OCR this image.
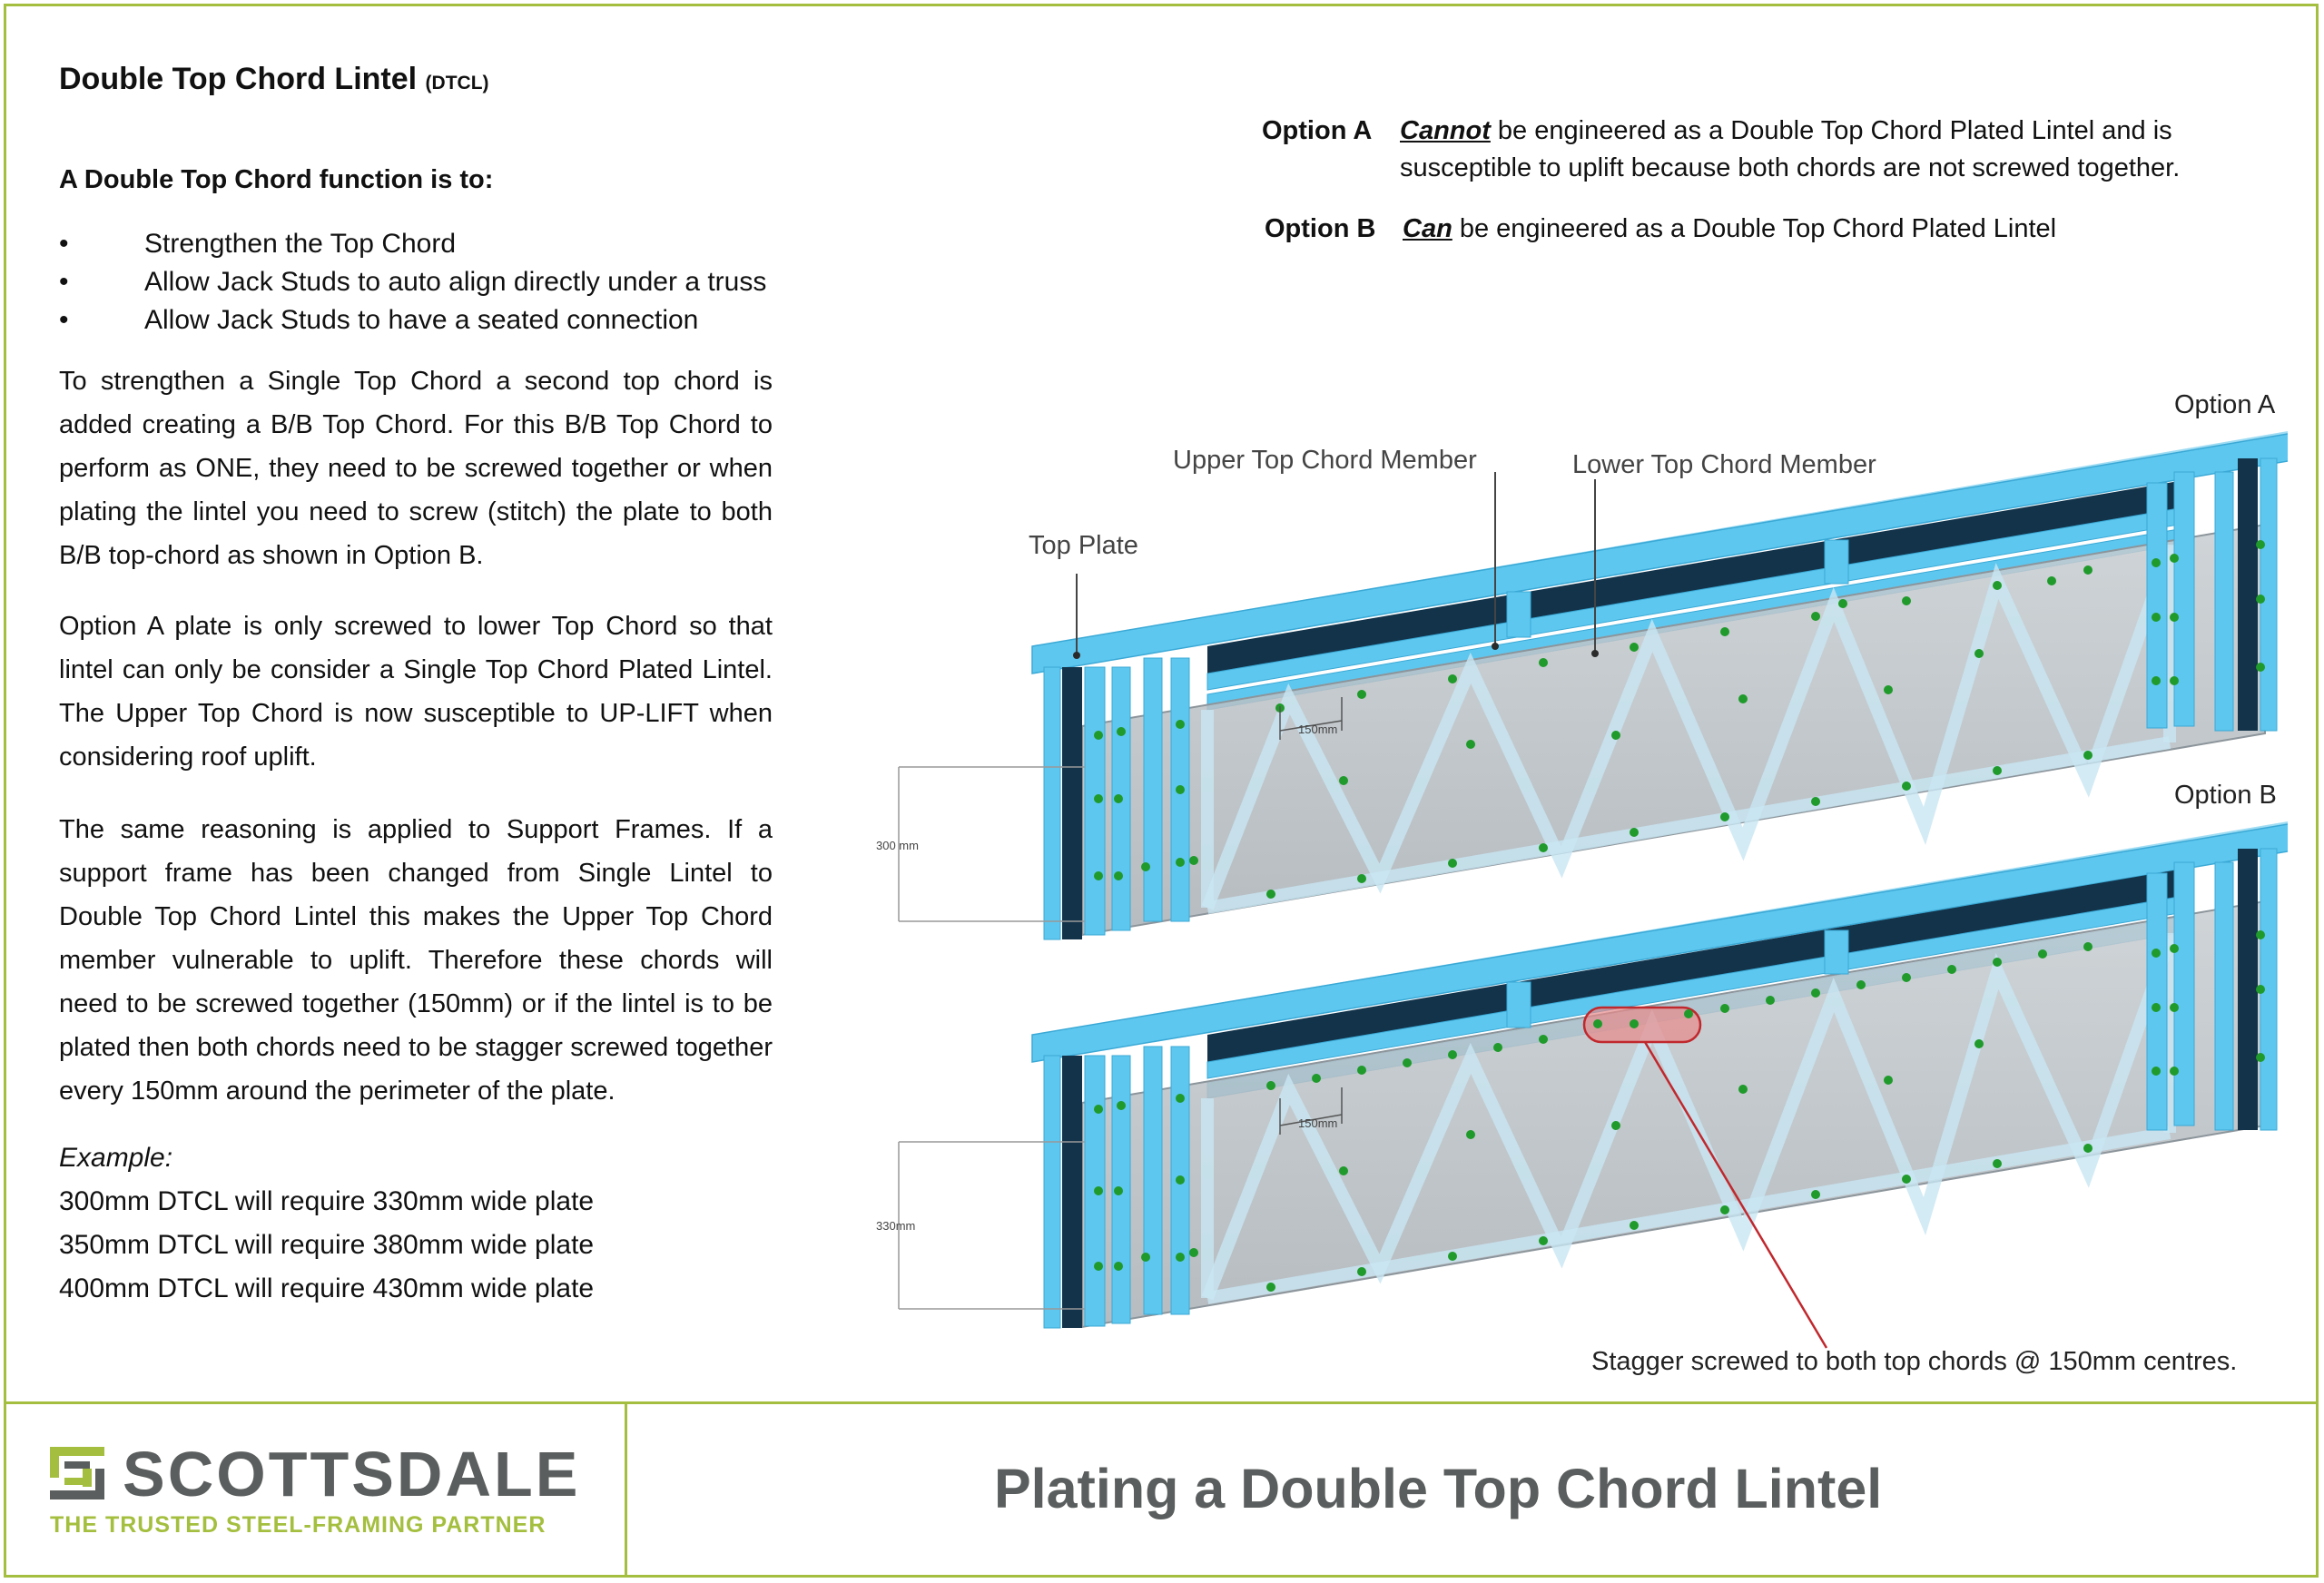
Double Top Chord Lintel (DTCL)
A Double Top Chord function is to:
• Strengthen the Top Chord
• Allow Jack Studs to auto align directly under a truss
• Allow Jack Studs to have a seated connection

To strengthen a Single Top Chord a second top chord is added creating a B/B Top Chord. For this B/B Top Chord to perform as ONE, they need to be screwed together or when plating the lintel you need to screw (stitch) the plate to both B/B top-chord as shown in Option B.

Option A plate is only screwed to lower Top Chord so that lintel can only be consider a Single Top Chord Plated Lintel. The Upper Top Chord is now susceptible to UP-LIFT when considering roof uplift.

The same reasoning is applied to Support Frames. If a support frame has been changed from Single Lintel to Double Top Chord Lintel this makes the Upper Top Chord member vulnerable to uplift. Therefore these chords will need to be screwed together (150mm) or if the lintel is to be plated then both chords need to be stagger screwed together every 150mm around the perimeter of the plate.

Example:
300mm DTCL will require 330mm wide plate
350mm DTCL will require 380mm wide plate
400mm DTCL will require 430mm wide plate
Option A Cannot be engineered as a Double Top Chord Plated Lintel and is susceptible to uplift because both chords are not screwed together.
Option B Can be engineered as a Double Top Chord Plated Lintel
150mm
300 mm
Top Plate
Upper Top Chord Member	Lower Top Chord Member
Option A
150mm
330mm
Option B
Stagger screwed to both top chords @ 150mm centres.
SCOTTSDALE
THE TRUSTED STEEL-FRAMING PARTNER
Plating a Double Top Chord Lintel
